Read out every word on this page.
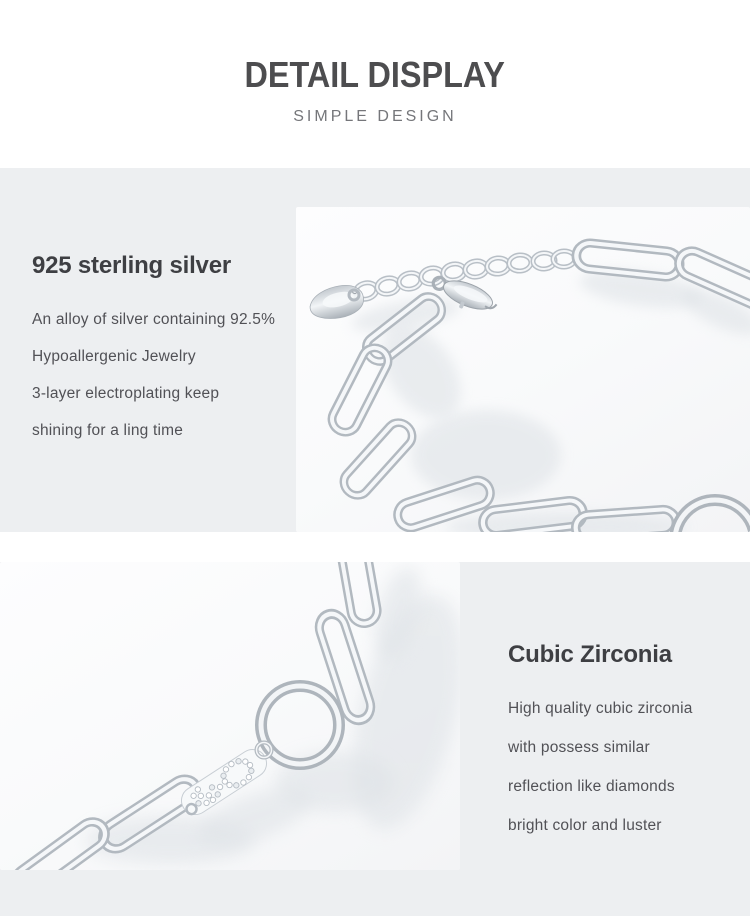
DETAIL DISPLAY
SIMPLE DESIGN
925 sterling silver

An alloy of silver containing 92.5%

Hypoallergenic Jewelry

3-layer electroplating keep

shining for a ling time

Cubic Zirconia

High quality cubic zirconia

with possess similar

reflection like diamonds

bright color and luster
